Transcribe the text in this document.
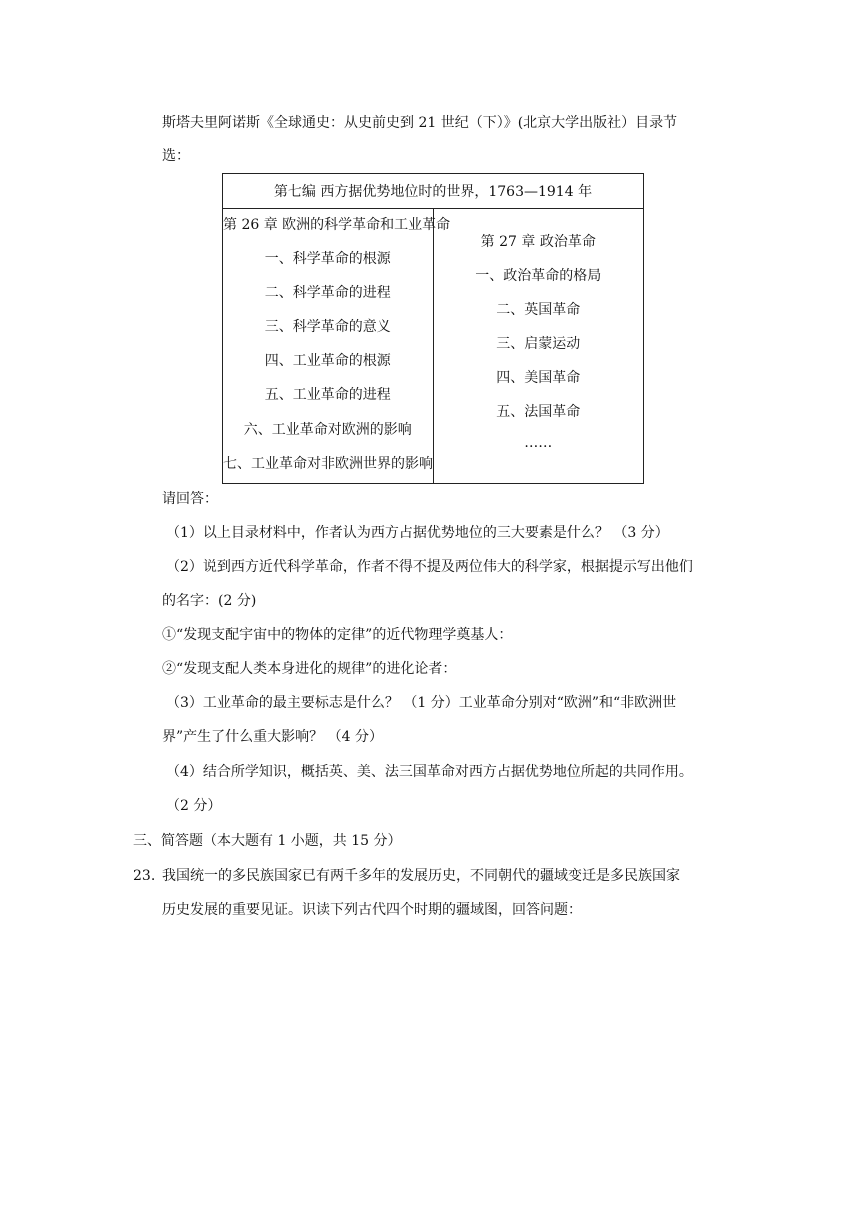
斯塔夫里阿诺斯《全球通史：从史前史到 21 世纪（下）》(北京大学出版社）目录节
选：
第七编 西方据优势地位时的世界，1763—1914 年

第 26 章 欧洲的科学革命和工业革命
一、科学革命的根源
二、科学革命的进程
三、科学革命的意义
四、工业革命的根源
五、工业革命的进程
六、工业革命对欧洲的影响
七、工业革命对非欧洲世界的影响

第 27 章 政治革命
一、政治革命的格局
二、英国革命
三、启蒙运动
四、美国革命
五、法国革命
……
请回答：
（1）以上目录材料中，作者认为西方占据优势地位的三大要素是什么？ （3 分）
（2）说到西方近代科学革命，作者不得不提及两位伟大的科学家，根据提示写出他们
的名字：(2 分)
①“发现支配宇宙中的物体的定律”的近代物理学奠基人：
②“发现支配人类本身进化的规律”的进化论者：
（3）工业革命的最主要标志是什么？ （1 分）工业革命分别对“欧洲”和“非欧洲世
界”产生了什么重大影响？ （4 分）
（4）结合所学知识，概括英、美、法三国革命对西方占据优势地位所起的共同作用。
（2 分）
三、简答题（本大题有 1 小题，共 15 分）
23. 我国统一的多民族国家已有两千多年的发展历史，不同朝代的疆域变迁是多民族国家
历史发展的重要见证。识读下列古代四个时期的疆域图，回答问题：
